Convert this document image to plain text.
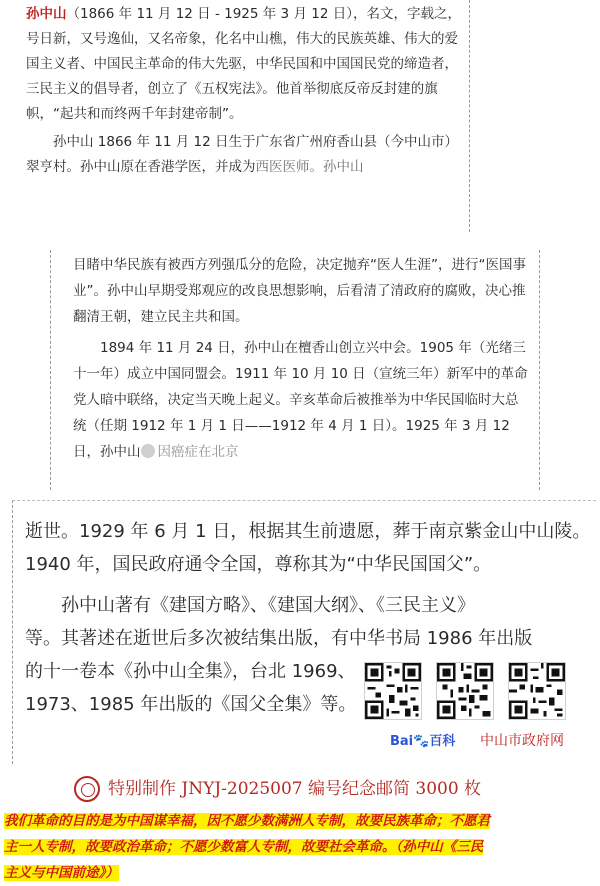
孙中山（1866 年 11 月 12 日 - 1925 年 3 月 12 日），名文，字载之，号日新，又号逸仙，又名帝象，化名中山樵，伟大的民族英雄、伟大的爱国主义者、中国民主革命的伟大先驱，中华民国和中国国民党的缔造者，三民主义的倡导者，创立了《五权宪法》。他首举彻底反帝反封建的旗帜，“起共和而终两千年封建帝制”。

孙中山 1866 年 11 月 12 日生于广东省广州府香山县（今中山市）翠亨村。孙中山原在香港学医，并成为西医医师。孙中山

目睹中华民族有被西方列强瓜分的危险，决定抛弃“医人生涯”，进行“医国事业”。孙中山早期受郑观应的改良思想影响，后看清了清政府的腐败，决心推翻清王朝，建立民主共和国。

1894 年 11 月 24 日，孙中山在檀香山创立兴中会。1905 年（光绪三十一年）成立中国同盟会。1911 年 10 月 10 日（宣统三年）新军中的革命党人暗中联络，决定当天晚上起义。辛亥革命后被推举为中华民国临时大总统（任期 1912 年 1 月 1 日——1912 年 4 月 1 日）。1925 年 3 月 12 日，孙中山 因癌症在北京

逝世。1929 年 6 月 1 日，根据其生前遗愿，葬于南京紫金山中山陵。1940 年，国民政府通令全国，尊称其为“中华民国国父”。

孙中山著有《建国方略》、《建国大纲》、《三民主义》

等。其著述在逝世后多次被结集出版，有中华书局 1986 年出版

的十一卷本《孙中山全集》，台北 1969、1973、1985 年出版的《国父全集》等。

Bai🐾百科 中山市政府网
特别制作 JNYJ-2025007 编号纪念邮简 3000 枚
我们革命的目的是为中国谋幸福，因不愿少数满洲人专制，故要民族革命；不愿君
主一人专制，故要政治革命；不愿少数富人专制，故要社会革命。（孙中山《三民
主义与中国前途》）
